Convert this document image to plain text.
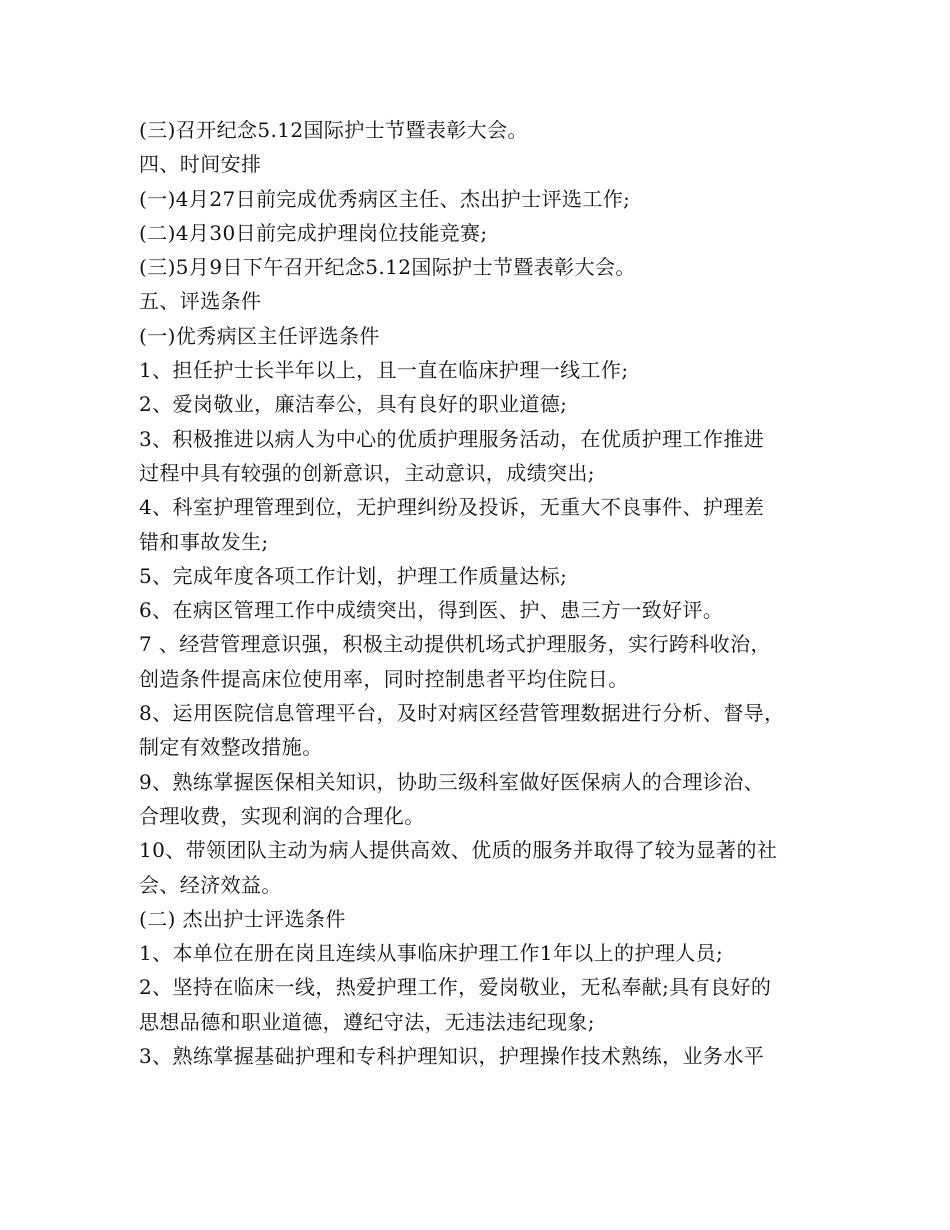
(三)召开纪念5.12国际护士节暨表彰大会。
四、时间安排
(一)4月27日前完成优秀病区主任、杰出护士评选工作;
(二)4月30日前完成护理岗位技能竞赛;
(三)5月9日下午召开纪念5.12国际护士节暨表彰大会。
五、评选条件
(一)优秀病区主任评选条件
1、担任护士长半年以上，且一直在临床护理一线工作;
2、爱岗敬业，廉洁奉公，具有良好的职业道德;
3、积极推进以病人为中心的优质护理服务活动，在优质护理工作推进
过程中具有较强的创新意识，主动意识，成绩突出;
4、科室护理管理到位，无护理纠纷及投诉，无重大不良事件、护理差
错和事故发生;
5、完成年度各项工作计划，护理工作质量达标;
6、在病区管理工作中成绩突出，得到医、护、患三方一致好评。
7 、经营管理意识强，积极主动提供机场式护理服务，实行跨科收治，
创造条件提高床位使用率，同时控制患者平均住院日。
8、运用医院信息管理平台，及时对病区经营管理数据进行分析、督导，
制定有效整改措施。
9、熟练掌握医保相关知识，协助三级科室做好医保病人的合理诊治、
合理收费，实现利润的合理化。
10、带领团队主动为病人提供高效、优质的服务并取得了较为显著的社
会、经济效益。
(二) 杰出护士评选条件
1、本单位在册在岗且连续从事临床护理工作1年以上的护理人员;
2、坚持在临床一线，热爱护理工作，爱岗敬业，无私奉献;具有良好的
思想品德和职业道德，遵纪守法，无违法违纪现象;
3、熟练掌握基础护理和专科护理知识，护理操作技术熟练，业务水平
